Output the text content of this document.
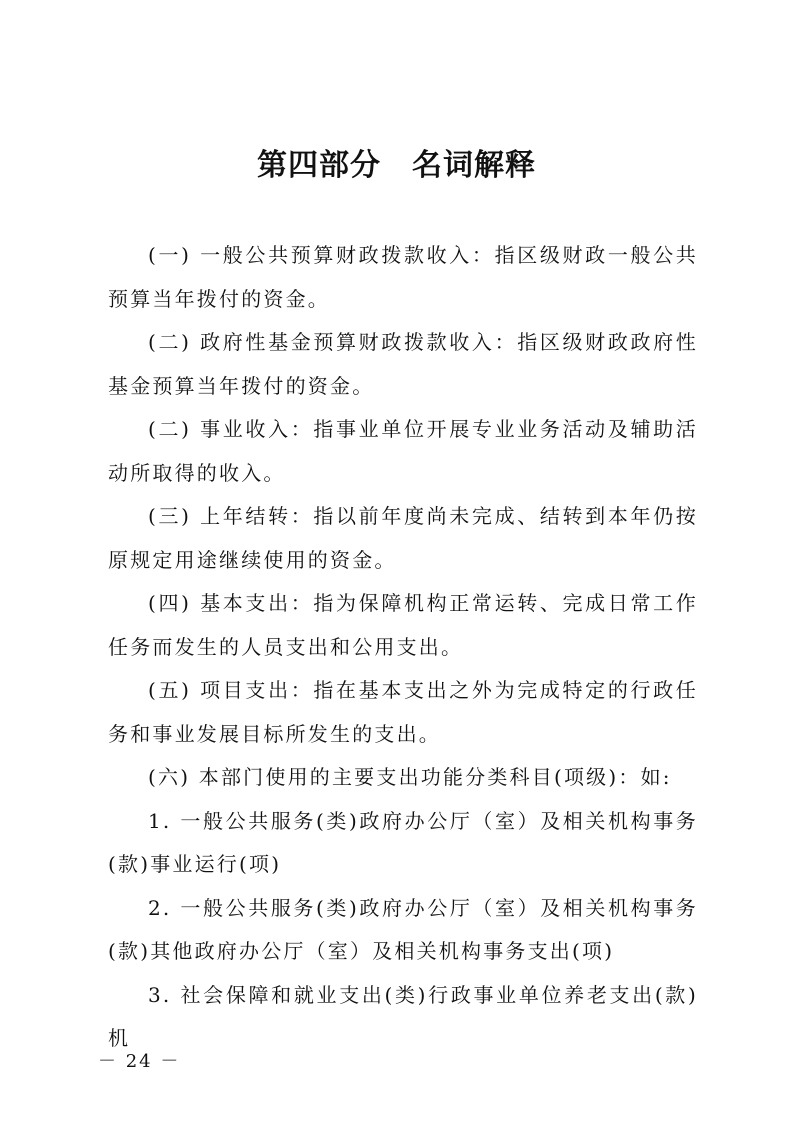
第四部分　名词解释

(一) 一般公共预算财政拨款收入：指区级财政一般公共预算当年拨付的资金。

(二) 政府性基金预算财政拨款收入：指区级财政政府性基金预算当年拨付的资金。

(二) 事业收入：指事业单位开展专业业务活动及辅助活动所取得的收入。

(三) 上年结转：指以前年度尚未完成、结转到本年仍按原规定用途继续使用的资金。

(四) 基本支出：指为保障机构正常运转、完成日常工作任务而发生的人员支出和公用支出。

(五) 项目支出：指在基本支出之外为完成特定的行政任务和事业发展目标所发生的支出。

(六) 本部门使用的主要支出功能分类科目(项级)：如:

1. 一般公共服务(类)政府办公厅（室）及相关机构事务(款)事业运行(项)

2. 一般公共服务(类)政府办公厅（室）及相关机构事务(款)其他政府办公厅（室）及相关机构事务支出(项)

3. 社会保障和就业支出(类)行政事业单位养老支出(款)机

－ 24 －
